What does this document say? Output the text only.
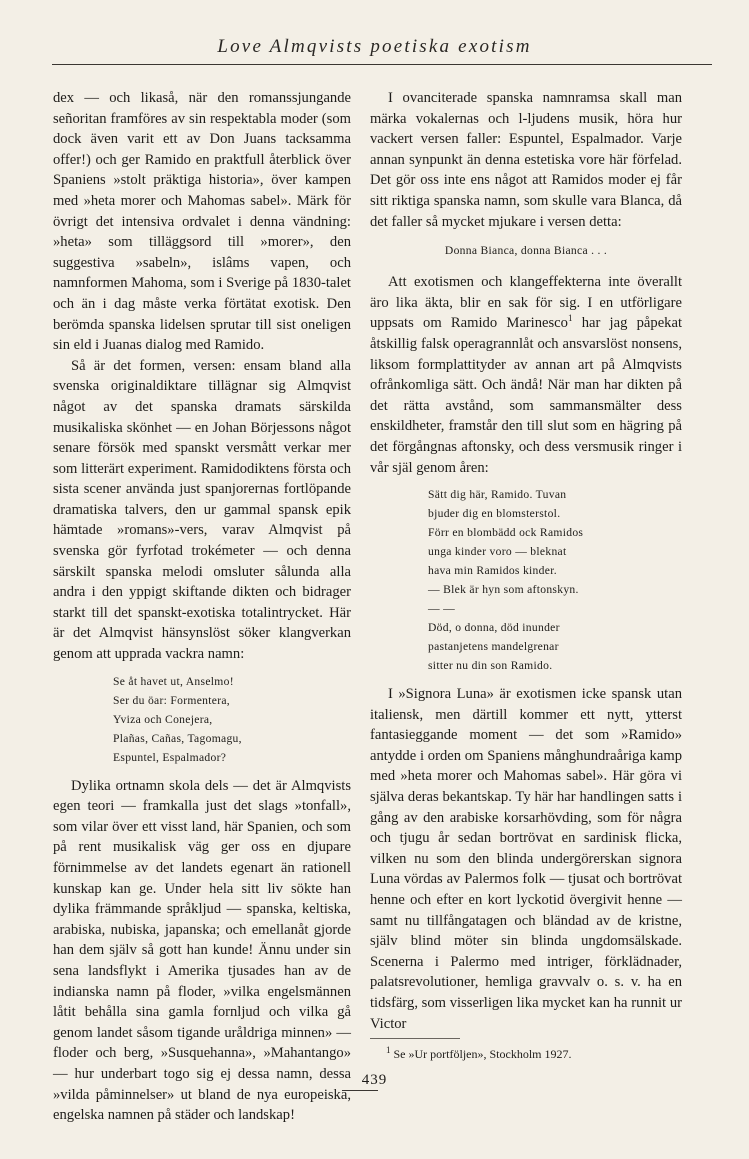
Love Almqvists poetiska exotism

dex — och likaså, när den romanssjungande señoritan framföres av sin respektabla moder (som dock även varit ett av Don Juans tacksamma offer!) och ger Ramido en praktfull återblick över Spaniens »stolt präktiga historia», över kampen med »heta morer och Mahomas sabel». Märk för övrigt det intensiva ordvalet i denna vändning: »heta» som tilläggsord till »morer», den suggestiva »sabeln», islâms vapen, och namnformen Mahoma, som i Sverige på 1830-talet och än i dag måste verka förtätat exotisk. Den berömda spanska lidelsen sprutar till sist oneligen sin eld i Juanas dialog med Ramido.

Så är det formen, versen: ensam bland alla svenska originaldiktare tillägnar sig Almqvist något av det spanska dramats särskilda musikaliska skönhet — en Johan Börjessons något senare försök med spanskt versmått verkar mer som litterärt experiment. Ramidodiktens första och sista scener använda just spanjorernas fortlöpande dramatiska talvers, den ur gammal spansk epik hämtade »romans»-vers, varav Almqvist på svenska gör fyrfotad trokémeter — och denna särskilt spanska melodi omsluter sålunda alla andra i den yppigt skiftande dikten och bidrager starkt till det spanskt-exotiska totalintrycket. Här är det Almqvist hänsynslöst söker klangverkan genom att upprada vackra namn:

Se åt havet ut, Anselmo!
Ser du öar: Formentera,
Yviza och Conejera,
Plañas, Cañas, Tagomagu,
Espuntel, Espalmador?

Dylika ortnamn skola dels — det är Almqvists egen teori — framkalla just det slags »tonfall», som vilar över ett visst land, här Spanien, och som på rent musikalisk väg ger oss en djupare förnimmelse av det landets egenart än rationell kunskap kan ge. Under hela sitt liv sökte han dylika främmande språkljud — spanska, keltiska, arabiska, nubiska, japanska; och emellanåt gjorde han dem själv så gott han kunde! Ännu under sin sena landsflykt i Amerika tjusades han av de indianska namn på floder, »vilka engelsmännen låtit behålla sina gamla fornljud och vilka gå genom landet såsom tigande uråldriga minnen» — floder och berg, »Susquehanna», »Mahantango» — hur underbart togo sig ej dessa namn, dessa »vilda påminnelser» ut bland de nya europeiska, engelska namnen på städer och landskap!

I ovanciterade spanska namnramsa skall man märka vokalernas och l-ljudens musik, höra hur vackert versen faller: Espuntel, Espalmador. Varje annan synpunkt än denna estetiska vore här förfelad. Det gör oss inte ens något att Ramidos moder ej får sitt riktiga spanska namn, som skulle vara Blanca, då det faller så mycket mjukare i versen detta:

Donna Bianca, donna Bianca . . .

Att exotismen och klangeffekterna inte överallt äro lika äkta, blir en sak för sig. I en utförligare uppsats om Ramido Marinesco$^1$ har jag påpekat åtskillig falsk operagrannlåt och ansvarslöst nonsens, liksom formplattityder av annan art på Almqvists ofrånkomliga sätt. Och ändå! När man har dikten på det rätta avstånd, som sammansmälter dess enskildheter, framstår den till slut som en hägring på det förgångnas aftonsky, och dess versmusik ringer i vår själ genom åren:

Sätt dig här, Ramido. Tuvan
bjuder dig en blomsterstol.
Förr en blombädd ock Ramidos
unga kinder voro — bleknat
hava min Ramidos kinder.
— Blek är hyn som aftonskyn.
— —
Död, o donna, död inunder
pastanjetens mandelgrenar
sitter nu din son Ramido.

I »Signora Luna» är exotismen icke spansk utan italiensk, men därtill kommer ett nytt, ytterst fantasieggande moment — det som »Ramido» antydde i orden om Spaniens månghundraåriga kamp med »heta morer och Mahomas sabel». Här göra vi själva deras bekantskap. Ty här har handlingen satts i gång av den arabiske korsarhövding, som för några och tjugu år sedan bortrövat en sardinisk flicka, vilken nu som den blinda undergörerskan signora Luna vördas av Palermos folk — tjusat och bortrövat henne och efter en kort lyckotid övergivit henne — samt nu tillfångatagen och bländad av de kristne, själv blind möter sin blinda ungdomsälskade. Scenerna i Palermo med intriger, förklädnader, palatsrevolutioner, hemliga gravvalv o. s. v. ha en tidsfärg, som visserligen lika mycket kan ha runnit ur Victor

$^1$ Se »Ur portföljen», Stockholm 1927.
439
